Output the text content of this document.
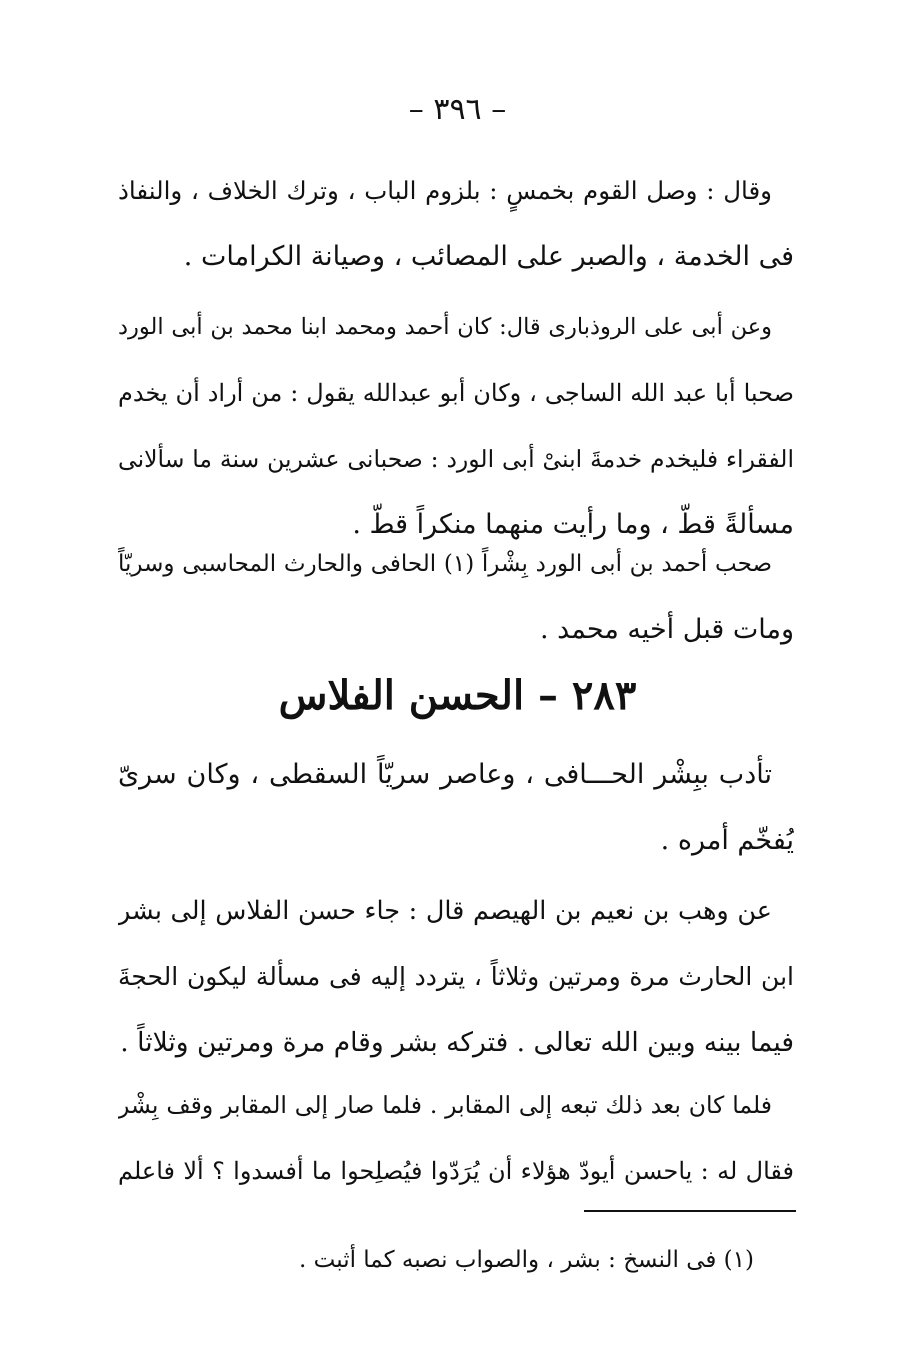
– ٣٩٦ –

وقال : وصل القوم بخمسٍ : بلزوم الباب ، وترك الخلاف ، والنفاذ
فى الخدمة ، والصبر على المصائب ، وصيانة الكرامات .

وعن أبى على الروذبارى قال: كان أحمد ومحمد ابنا محمد بن أبى الورد
صحبا أبا عبد الله الساجى ، وكان أبو عبدالله يقول : من أراد أن يخدم
الفقراء فليخدم خدمةَ ابنىْ أبى الورد : صحبانى عشرين سنة ما سألانى
مسألةً قطّ ، وما رأيت منهما منكراً قطّ .

صحب أحمد بن أبى الورد بِشْراً (١) الحافى والحارث المحاسبى وسريّاً
ومات قبل أخيه محمد .

٢٨٣ – الحسن الفلاس

تأدب ببِشْر الحـــافى ، وعاصر سريّاً السقطى ، وكان سرىّ
يُفخّم أمره .

عن وهب بن نعيم بن الهيصم قال : جاء حسن الفلاس إلى بشر
ابن الحارث مرة ومرتين وثلاثاً ، يتردد إليه فى مسألة ليكون الحجةَ
فيما بينه وبين الله تعالى . فتركه بشر وقام مرة ومرتين وثلاثاً .

فلما كان بعد ذلك تبعه إلى المقابر . فلما صار إلى المقابر وقف بِشْر
فقال له : ياحسن أيودّ هؤلاء أن يُرَدّوا فيُصلِحوا ما أفسدوا ؟ ألا فاعلم

(١) فى النسخ : بشر ، والصواب نصبه كما أثبت .
